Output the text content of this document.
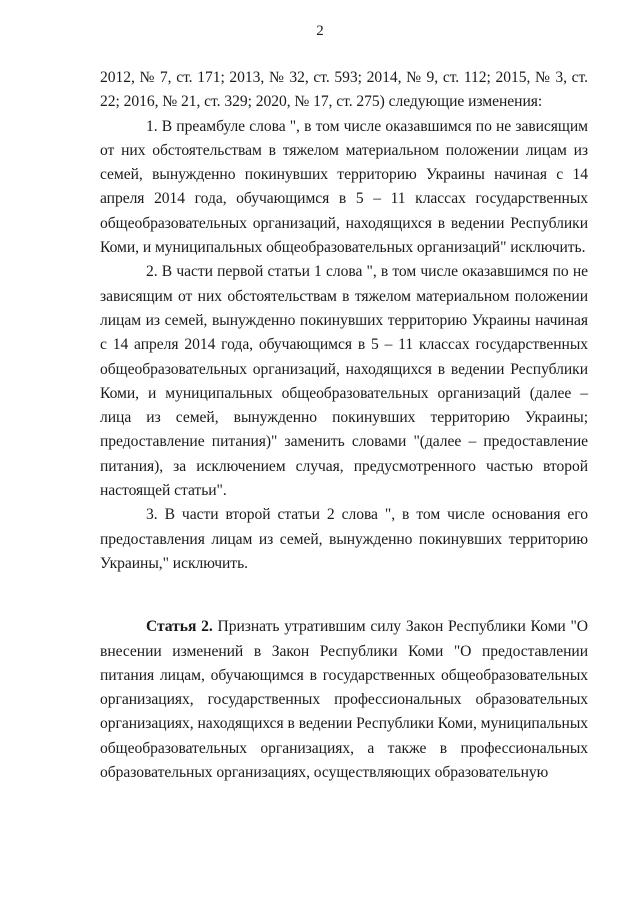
2

2012, № 7, ст. 171; 2013, № 32, ст. 593; 2014, № 9, ст. 112; 2015, № 3, ст. 22; 2016, № 21, ст. 329; 2020, № 17, ст. 275) следующие изменения:

1. В преамбуле слова ", в том числе оказавшимся по не зависящим от них обстоятельствам в тяжелом материальном положении лицам из семей, вынужденно покинувших территорию Украины начиная с 14 апреля 2014 года, обучающимся в 5 – 11 классах государственных общеобразовательных организаций, находящихся в ведении Республики Коми, и муниципальных общеобразовательных организаций" исключить.

2. В части первой статьи 1 слова ", в том числе оказавшимся по не зависящим от них обстоятельствам в тяжелом материальном положении лицам из семей, вынужденно покинувших территорию Украины начиная с 14 апреля 2014 года, обучающимся в 5 – 11 классах государственных общеобразовательных организаций, находящихся в ведении Республики Коми, и муниципальных общеобразовательных организаций (далее – лица из семей, вынужденно покинувших территорию Украины; предоставление питания)" заменить словами "(далее – предоставление питания), за исключением случая, предусмотренного частью второй настоящей статьи".

3. В части второй статьи 2 слова ", в том числе основания его предоставления лицам из семей, вынужденно покинувших территорию Украины," исключить.

Статья 2. Признать утратившим силу Закон Республики Коми "О внесении изменений в Закон Республики Коми "О предоставлении питания лицам, обучающимся в государственных общеобразовательных организациях, государственных профессиональных образовательных организациях, находящихся в ведении Республики Коми, муниципальных общеобразовательных организациях, а также в профессиональных образовательных организациях, осуществляющих образовательную
